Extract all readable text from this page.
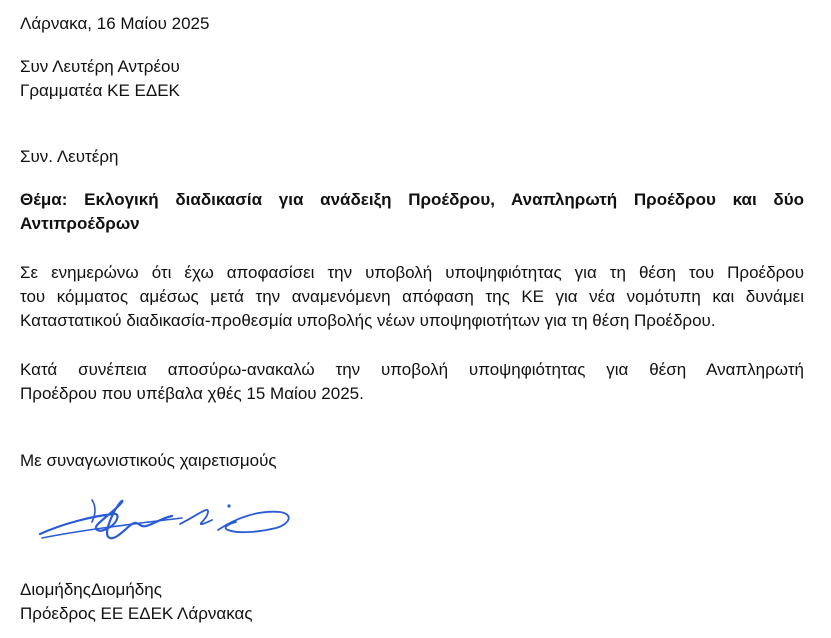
Λάρνακα, 16 Μαίου 2025
Συν Λευτέρη Αντρέου
Γραμματέα ΚΕ ΕΔΕΚ
Συν. Λευτέρη
Θέμα: Εκλογική διαδικασία για ανάδειξη Προέδρου, Αναπληρωτή Προέδρου και δύο
Αντιπροέδρων
Σε ενημερώνω ότι έχω αποφασίσει την υποβολή υποψηφιότητας για τη θέση του Προέδρου
του κόμματος αμέσως μετά την αναμενόμενη απόφαση της ΚΕ για νέα νομότυπη και δυνάμει
Καταστατικού διαδικασία-προθεσμία υποβολής νέων υποψηφιοτήτων για τη θέση Προέδρου.
Κατά συνέπεια αποσύρω-ανακαλώ την υποβολή υποψηφιότητας για θέση Αναπληρωτή
Προέδρου που υπέβαλα χθές 15 Μαίου 2025.
Με συναγωνιστικούς χαιρετισμούς
ΔιομήδηςΔιομήδης
Πρόεδρος ΕΕ ΕΔΕΚ Λάρνακας
